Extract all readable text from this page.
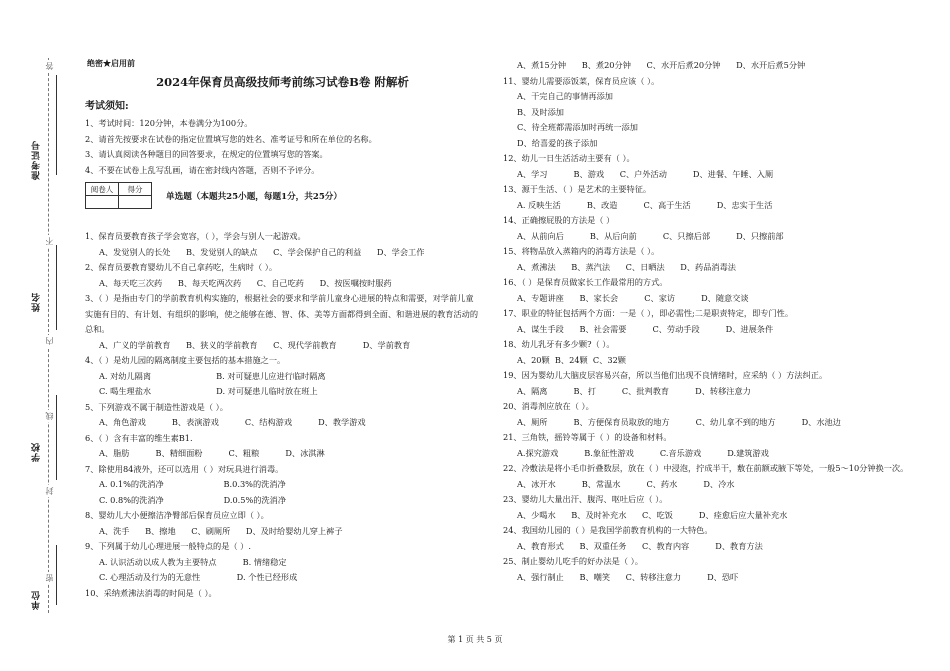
答
不
内
线
封
密
准考证号
姓名
学校
单位
绝密★启用前
2024年保育员高级技师考前练习试卷B卷 附解析
考试须知:
1、考试时间：120分钟，本卷满分为100分。
2、请首先按要求在试卷的指定位置填写您的姓名、准考证号和所在单位的名称。
3、请认真阅读各种题目的回答要求，在规定的位置填写您的答案。
4、不要在试卷上乱写乱画，请在密封线内答题，否则不予评分。
阅卷人	得分

单选题（本题共25小题，每题1分，共25分）
1、保育员要教育孩子学会宽容，（ ），学会与别人一起游戏。
A、发觉别人的长处      B、发觉别人的缺点      C、学会保护自己的利益      D、学会工作
2、保育员要教育婴幼儿不自己拿药吃，生病时（ ）。
A、每天吃三次药      B、每天吃两次药      C、自己吃药      D、按医嘱按时服药
3、（ ）是指由专门的学前教育机构实施的，根据社会的要求和学前儿童身心进展的特点和需要，对学前儿童实施有目的、有计划、有组织的影响，使之能够在德、智、体、美等方面都得到全面、和谐进展的教育活动的总和。
A、广义的学前教育      B、狭义的学前教育      C、现代学前教育          D、学前教育
4、（ ）是幼儿园的隔离制度主要包括的基本措施之一。
A. 对幼儿隔离                         B. 对可疑患儿应进行临时隔离
C. 喝生理盐水                         D. 对可疑患儿临时放在班上
5、下列游戏不属于制造性游戏是（ ）。
A、角色游戏          B、表演游戏          C、结构游戏          D、教学游戏
6、（ ）含有丰富的维生素B1.
A、脂肪          B、精细面粉          C、粗粮          D、冰淇淋
7、除使用84液外，还可以选用（ ）对玩具进行消毒。
A. 0.1%的洗消净                       B.0.3%的洗消净
C. 0.8%的洗消净                       D.0.5%的洗消净
8、婴幼儿大小便擦洁净臀部后保育员应立即（ ）。
A、洗手      B、擦地      C、刷厕所      D、及时给婴幼儿穿上裤子
9、下列属于幼儿心理进展一般特点的是（ ）.
A. 认识活动以成人教为主要特点          B. 情绪稳定
C. 心理活动及行为的无意性              D. 个性已经形成
10、采纳煮沸法消毒的时间是（ ）。
A、煮15分钟      B、煮20分钟      C、水开后煮20分钟      D、水开后煮5分钟
11、婴幼儿需要添饭菜，保育员应该（ ）。
A、干完自己的事情再添加
B、及时添加
C、待全班都需添加时再统一添加
D、给喜爱的孩子添加
12、幼儿一日生活活动主要有（ ）。
A、学习          B、游戏      C、户外活动          D、进餐、午睡、入厕
13、源于生活、（ ）是艺术的主要特征。
A. 反映生活          B、改造          C、高于生活          D、忠实于生活
14、正确擦屁股的方法是（ ）
A、从前向后          B、从后向前          C、只擦后部          D、只擦前部
15、将物品放入蒸箱内的消毒方法是（ ）。
A、煮沸法      B、蒸汽法      C、日晒法      D、药品消毒法
16、（ ）是保育员做家长工作最常用的方式。
A、专题讲座      B、家长会          C、家访          D、随意交谈
17、职业的特征包括两个方面：一是（ ），即必需性;二是职责特定，即专门性。
A、谋生手段      B、社会需要          C、劳动手段          D、进展条件
18、幼儿乳牙有多少颗?（ ）。
A、20颗  B、24颗  C、32颗
19、因为婴幼儿大脑皮层容易兴奋，所以当他们出现不良情绪时，应采纳（ ）方法纠正。
A、隔离          B、打          C、批判教育          D、转移注意力
20、消毒剂应放在（ ）。
A、厕所          B、方便保育员取放的地方          C、幼儿拿不到的地方          D、水池边
21、三角铁，摇铃等属于（ ）的设备和材料。
A.探究游戏          B.象征性游戏          C.音乐游戏          D.建筑游戏
22、冷敷法是将小毛巾折叠数层，放在（ ）中浸泡，拧成半干，敷在前额或腋下等处，一般5～10分钟换一次。
A、冰开水          B、常温水          C、药水          D、冷水
23、婴幼儿大量出汗、腹泻、呕吐后应（ ）。
A、少喝水      B、及时补充水      C、吃饭          D、痊愈后应大量补充水
24、我国幼儿园的（ ）是我国学前教育机构的一大特色。
A、教育形式      B、双重任务      C、教育内容          D、教育方法
25、制止婴幼儿吃手的好办法是（ ）。
A、强行制止      B、嘲笑      C、转移注意力          D、恐吓
第 1 页 共 5 页
